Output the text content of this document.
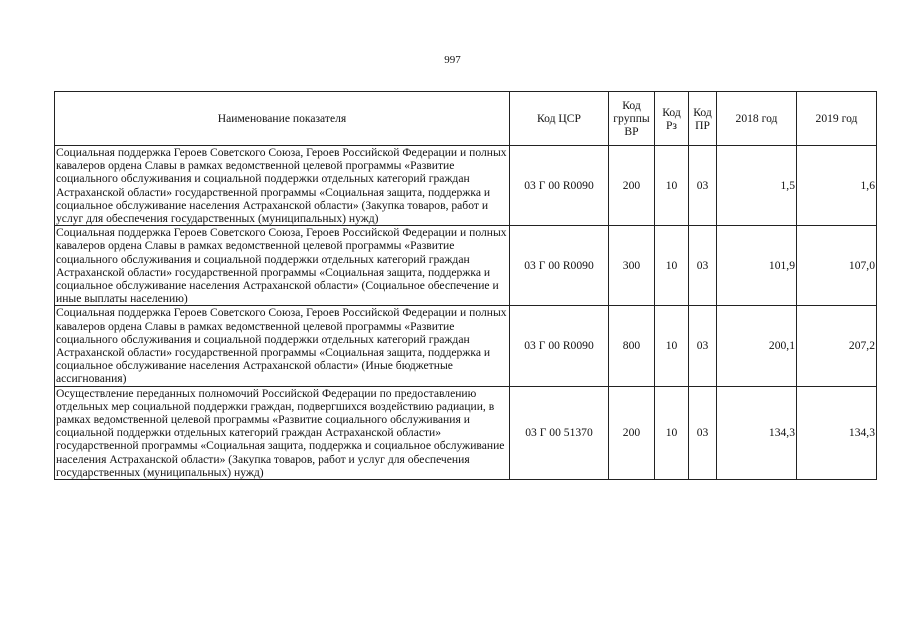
997
Наименование показателя	Код ЦСР	Код группы ВР	Код Рз	Код ПР	2018 год	2019 год
Социальная поддержка Героев Советского Союза, Героев Российской Федерации и полных кавалеров ордена Славы в рамках ведомственной целевой программы «Развитие социального обслуживания и социальной поддержки отдельных категорий граждан Астраханской области» государственной программы «Социальная защита, поддержка и социальное обслуживание населения Астраханской области» (Закупка товаров, работ и услуг для обеспечения государственных (муниципальных) нужд)	03 Г 00 R0090	200	10	03	1,5	1,6
Социальная поддержка Героев Советского Союза, Героев Российской Федерации и полных кавалеров ордена Славы в рамках ведомственной целевой программы «Развитие социального обслуживания и социальной поддержки отдельных категорий граждан Астраханской области» государственной программы «Социальная защита, поддержка и социальное обслуживание населения Астраханской области» (Социальное обеспечение и иные выплаты населению)	03 Г 00 R0090	300	10	03	101,9	107,0
Социальная поддержка Героев Советского Союза, Героев Российской Федерации и полных кавалеров ордена Славы в рамках ведомственной целевой программы «Развитие социального обслуживания и социальной поддержки отдельных категорий граждан Астраханской области» государственной программы «Социальная защита, поддержка и социальное обслуживание населения Астраханской области» (Иные бюджетные ассигнования)	03 Г 00 R0090	800	10	03	200,1	207,2
Осуществление переданных полномочий Российской Федерации по предоставлению отдельных мер социальной поддержки граждан, подвергшихся воздействию радиации, в рамках ведомственной целевой программы «Развитие социального обслуживания и социальной поддержки отдельных категорий граждан Астраханской области» государственной программы «Социальная защита, поддержка и социальное обслуживание населения Астраханской области» (Закупка товаров, работ и услуг для обеспечения государственных (муниципальных) нужд)	03 Г 00 51370	200	10	03	134,3	134,3
